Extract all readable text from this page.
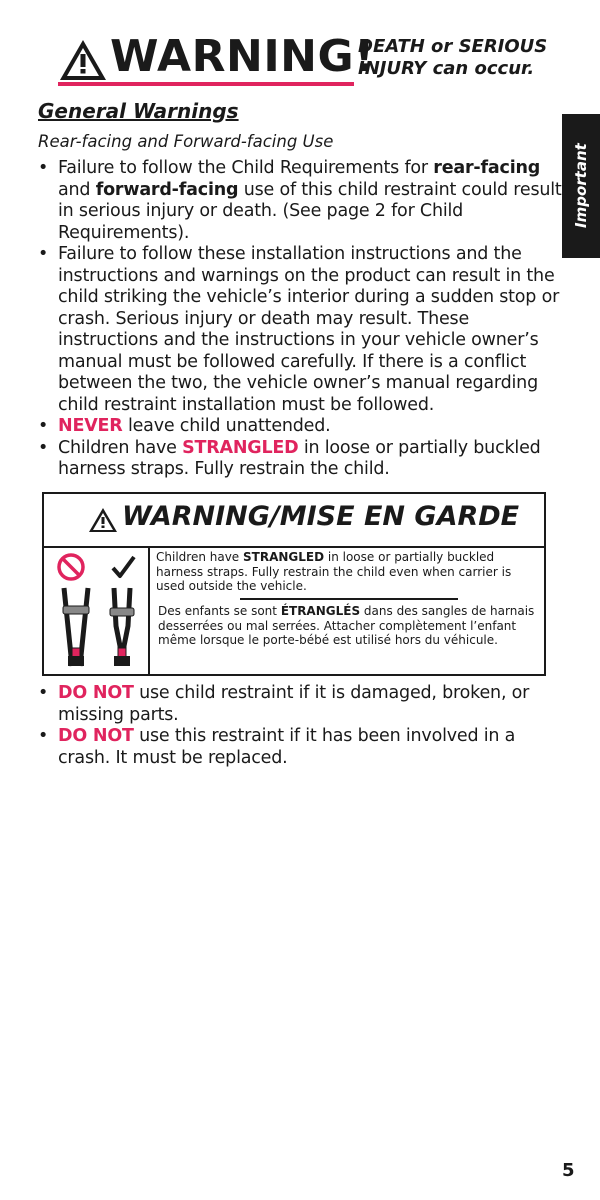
WARNING!
DEATH or SERIOUS
INJURY can occur.
Important
General Warnings
Rear-facing and Forward-facing Use
• Failure to follow the Child Requirements for rear-facing and forward-facing use of this child restraint could result in serious injury or death. (See page 2 for Child Requirements).
• Failure to follow these installation instructions and the instructions and warnings on the product can result in the child striking the vehicle’s interior during a sudden stop or crash. Serious injury or death may result. These instructions and the instructions in your vehicle owner’s manual must be followed carefully. If there is a conflict between the two, the vehicle owner’s manual regarding child restraint installation must be followed.
• NEVER leave child unattended.
• Children have STRANGLED in loose or partially buckled harness straps. Fully restrain the child.
WARNING/MISE EN GARDE
Children have STRANGLED in loose or partially buckled harness straps. Fully restrain the child even when carrier is used outside the vehicle.
Des enfants se sont ÉTRANGLÉS dans des sangles de harnais desserrées ou mal serrées. Attacher complètement l’enfant même lorsque le porte-bébé est utilisé hors du véhicule.
• DO NOT use child restraint if it is damaged, broken, or missing parts.
• DO NOT use this restraint if it has been involved in a crash. It must be replaced.
5
